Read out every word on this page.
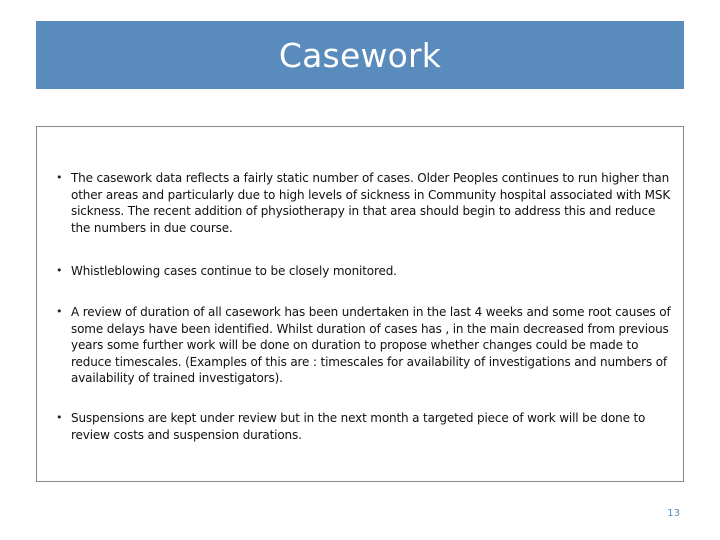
Casework
• The casework data reflects a fairly static number of cases. Older Peoples continues to run higher than other areas and particularly due to high levels of sickness in Community hospital associated with MSK sickness. The recent addition of physiotherapy in that area should begin to address this and reduce the numbers in due course.
• Whistleblowing cases continue to be closely monitored.
• A review of duration of all casework has been undertaken in the last 4 weeks and some root causes of some delays have been identified. Whilst duration of cases has , in the main decreased from previous years some further work will be done on duration to propose whether changes could be made to reduce timescales. (Examples of this are : timescales for availability of investigations and numbers of availability of trained investigators).
• Suspensions are kept under review but in the next month a targeted piece of work will be done to review costs and suspension durations.
13
